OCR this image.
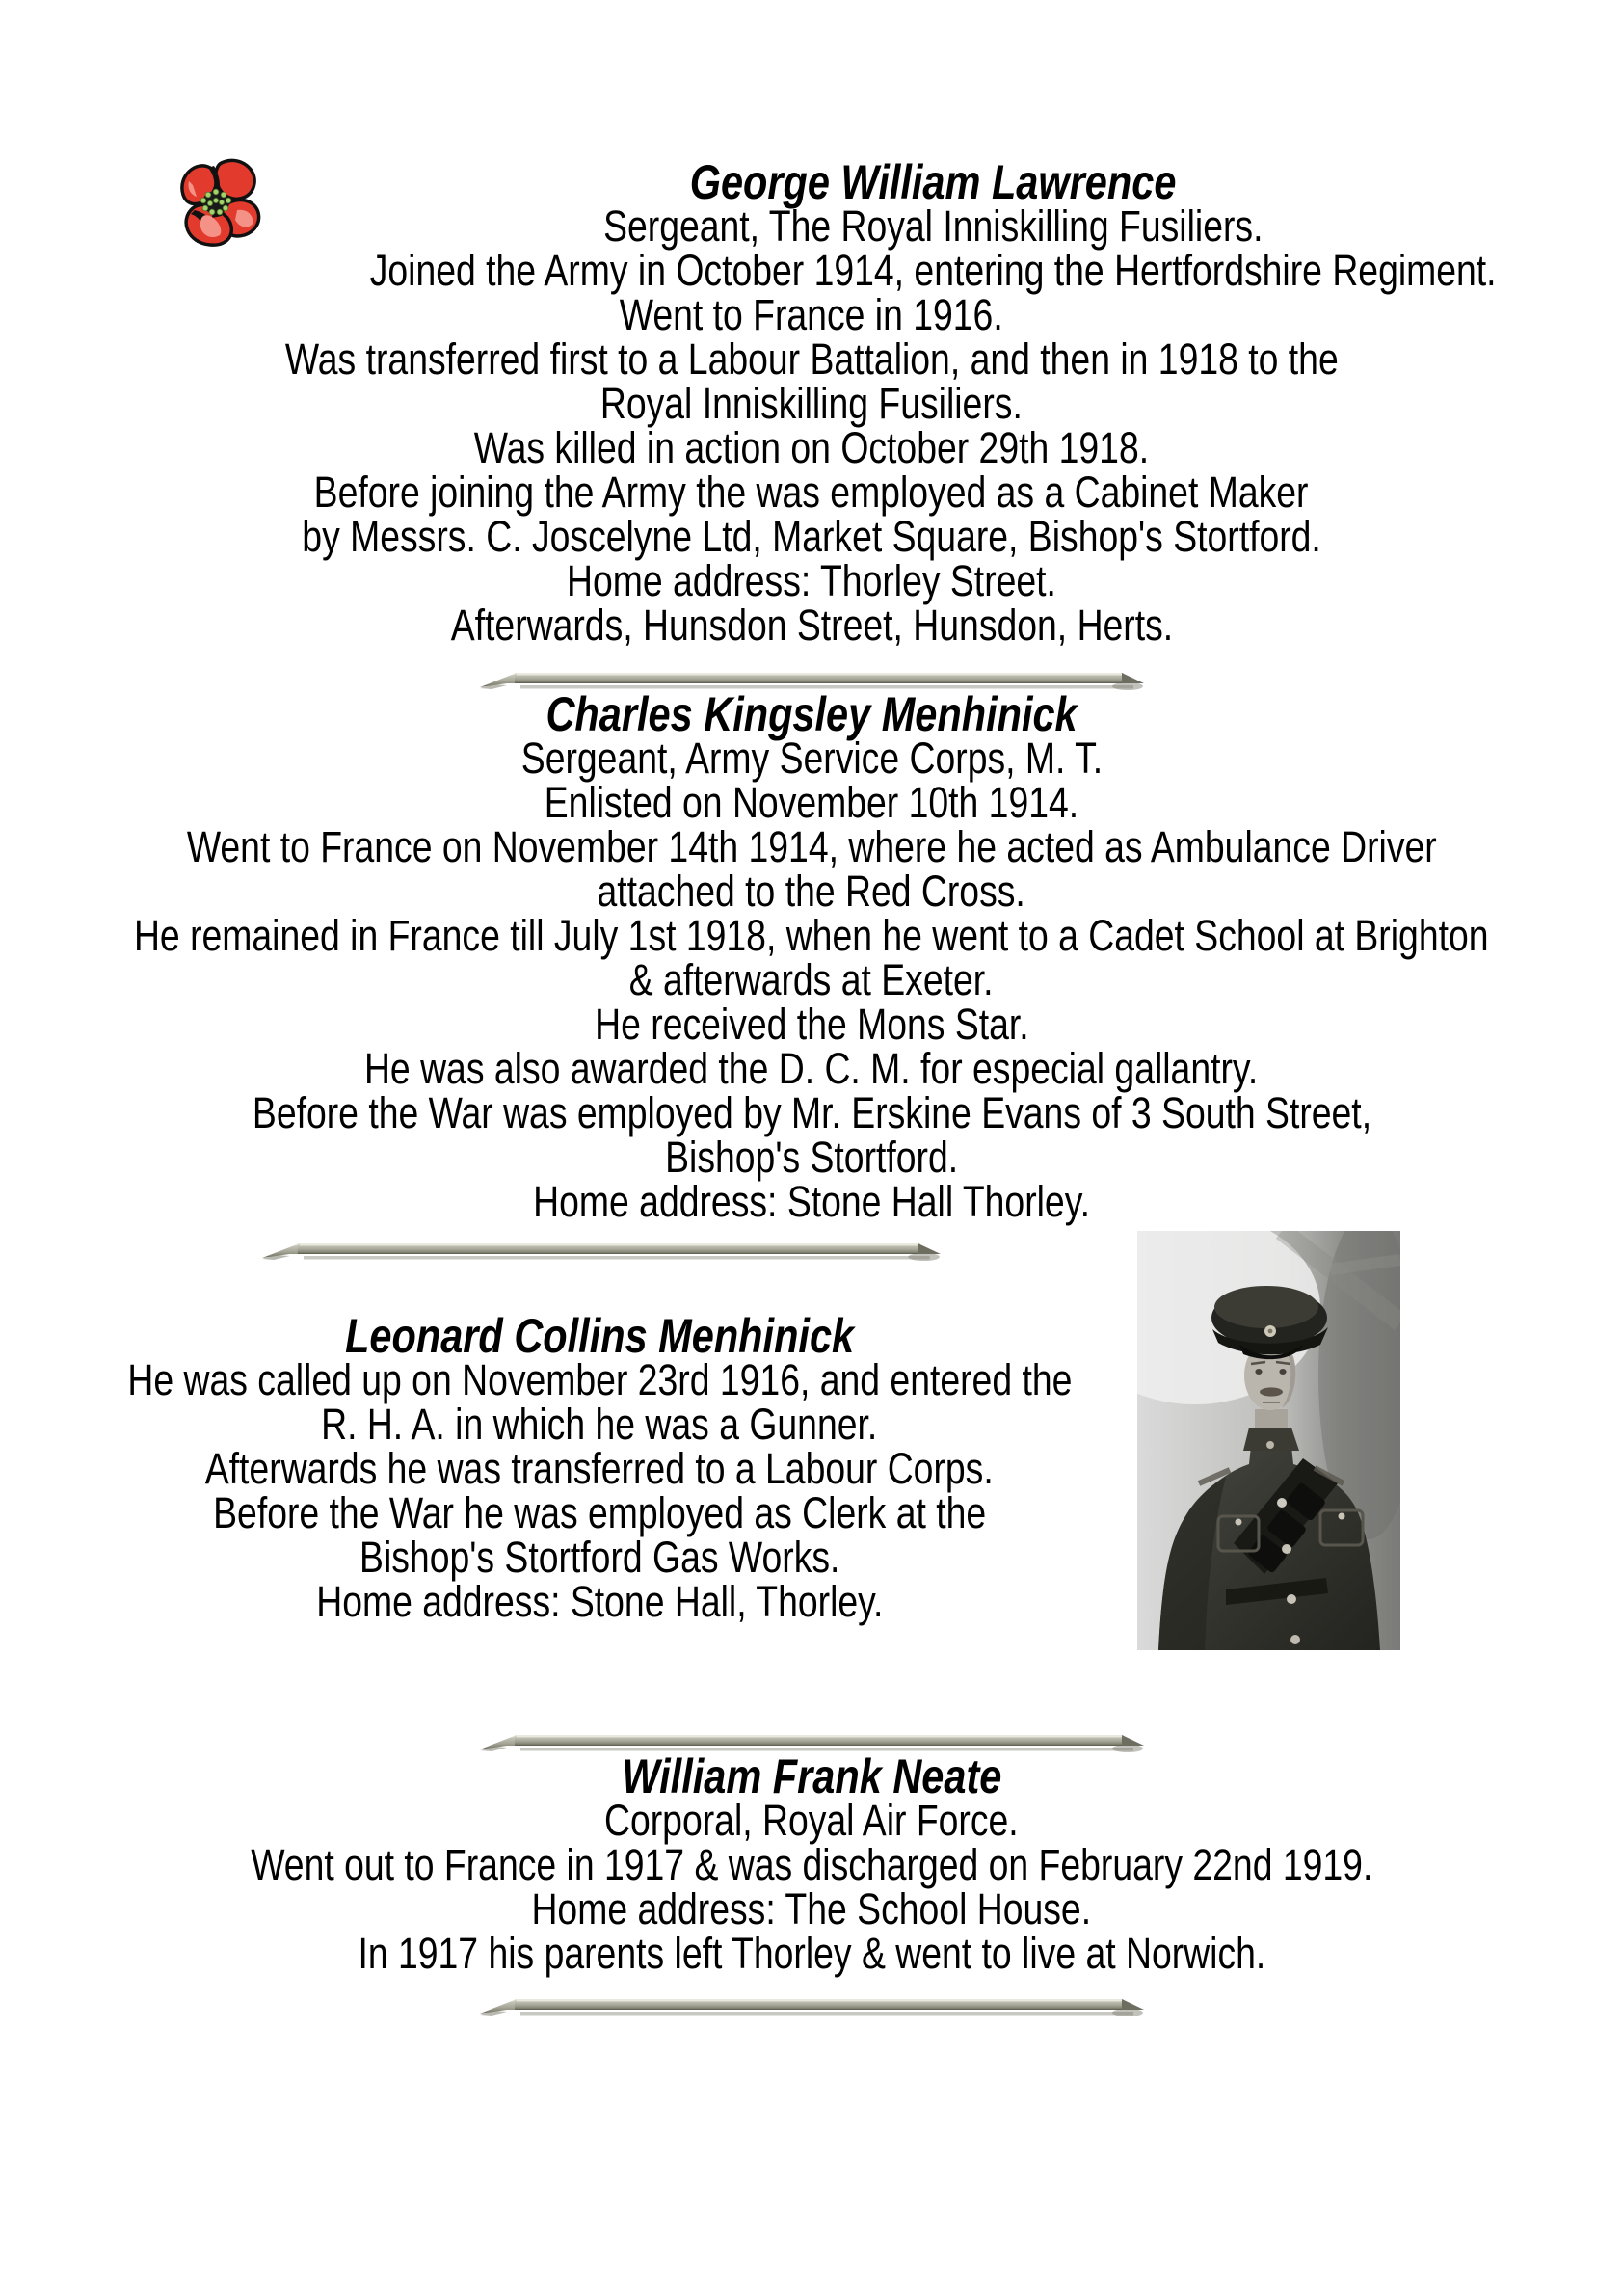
George William Lawrence
Sergeant, The Royal Inniskilling Fusiliers.
Joined the Army in October 1914, entering the Hertfordshire Regiment.
Went to France in 1916.
Was transferred first to a Labour Battalion, and then in 1918 to the
Royal Inniskilling Fusiliers.
Was killed in action on October 29th 1918.
Before joining the Army the was employed as a Cabinet Maker
by Messrs. C. Joscelyne Ltd, Market Square, Bishop's Stortford.
Home address: Thorley Street.
Afterwards, Hunsdon Street, Hunsdon, Herts.
Charles Kingsley Menhinick
Sergeant, Army Service Corps, M. T.
Enlisted on November 10th 1914.
Went to France on November 14th 1914, where he acted as Ambulance Driver
attached to the Red Cross.
He remained in France till July 1st 1918, when he went to a Cadet School at Brighton
& afterwards at Exeter.
He received the Mons Star.
He was also awarded the D. C. M. for especial gallantry.
Before the War was employed by Mr. Erskine Evans of 3 South Street,
Bishop's Stortford.
Home address: Stone Hall Thorley.
Leonard Collins Menhinick
He was called up on November 23rd 1916, and entered the
R. H. A. in which he was a Gunner.
Afterwards he was transferred to a Labour Corps.
Before the War he was employed as Clerk at the
Bishop's Stortford Gas Works.
Home address: Stone Hall, Thorley.
William Frank Neate
Corporal, Royal Air Force.
Went out to France in 1917 & was discharged on February 22nd 1919.
Home address: The School House.
In 1917 his parents left Thorley & went to live at Norwich.
